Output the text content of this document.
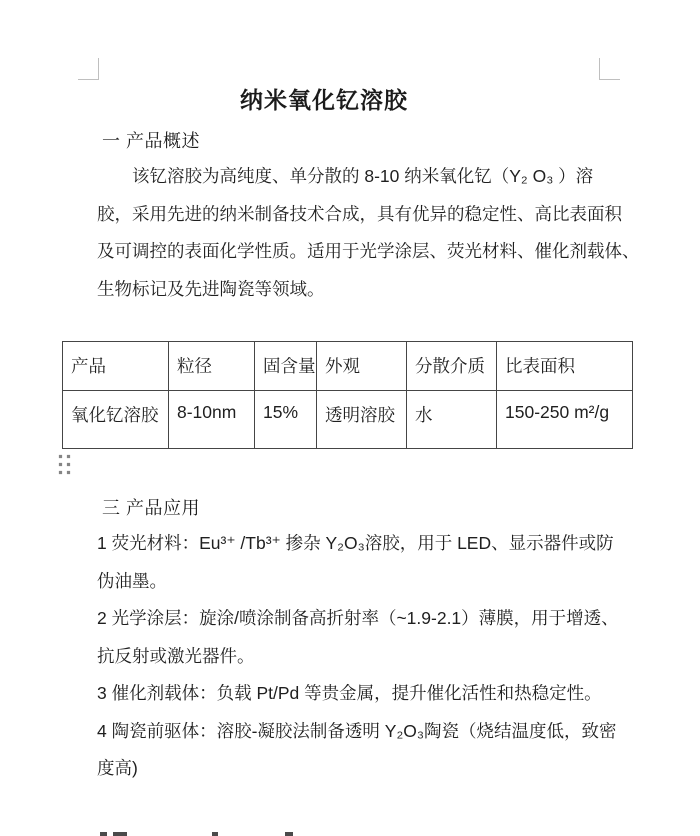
纳米氧化钇溶胶
一 产品概述
该钇溶胶为高纯度、单分散的 8-10 纳米氧化钇（Y₂ O₃ ）溶
胶，采用先进的纳米制备技术合成，具有优异的稳定性、高比表面积
及可调控的表面化学性质。适用于光学涂层、荧光材料、催化剂载体、
生物标记及先进陶瓷等领域。
产品	粒径	固含量	外观	分散介质	比表面积
氧化钇溶胶	8-10nm	15%	透明溶胶	水	150-250 m²/g
三 产品应用
1 荧光材料：Eu³⁺ /Tb³⁺ 掺杂 Y₂O₃溶胶，用于 LED、显示器件或防
伪油墨。
2 光学涂层：旋涂/喷涂制备高折射率（~1.9-2.1）薄膜，用于增透、
抗反射或激光器件。
3 催化剂载体：负载 Pt/Pd 等贵金属，提升催化活性和热稳定性。
4 陶瓷前驱体：溶胶-凝胶法制备透明 Y₂O₃陶瓷（烧结温度低，致密
度高)
